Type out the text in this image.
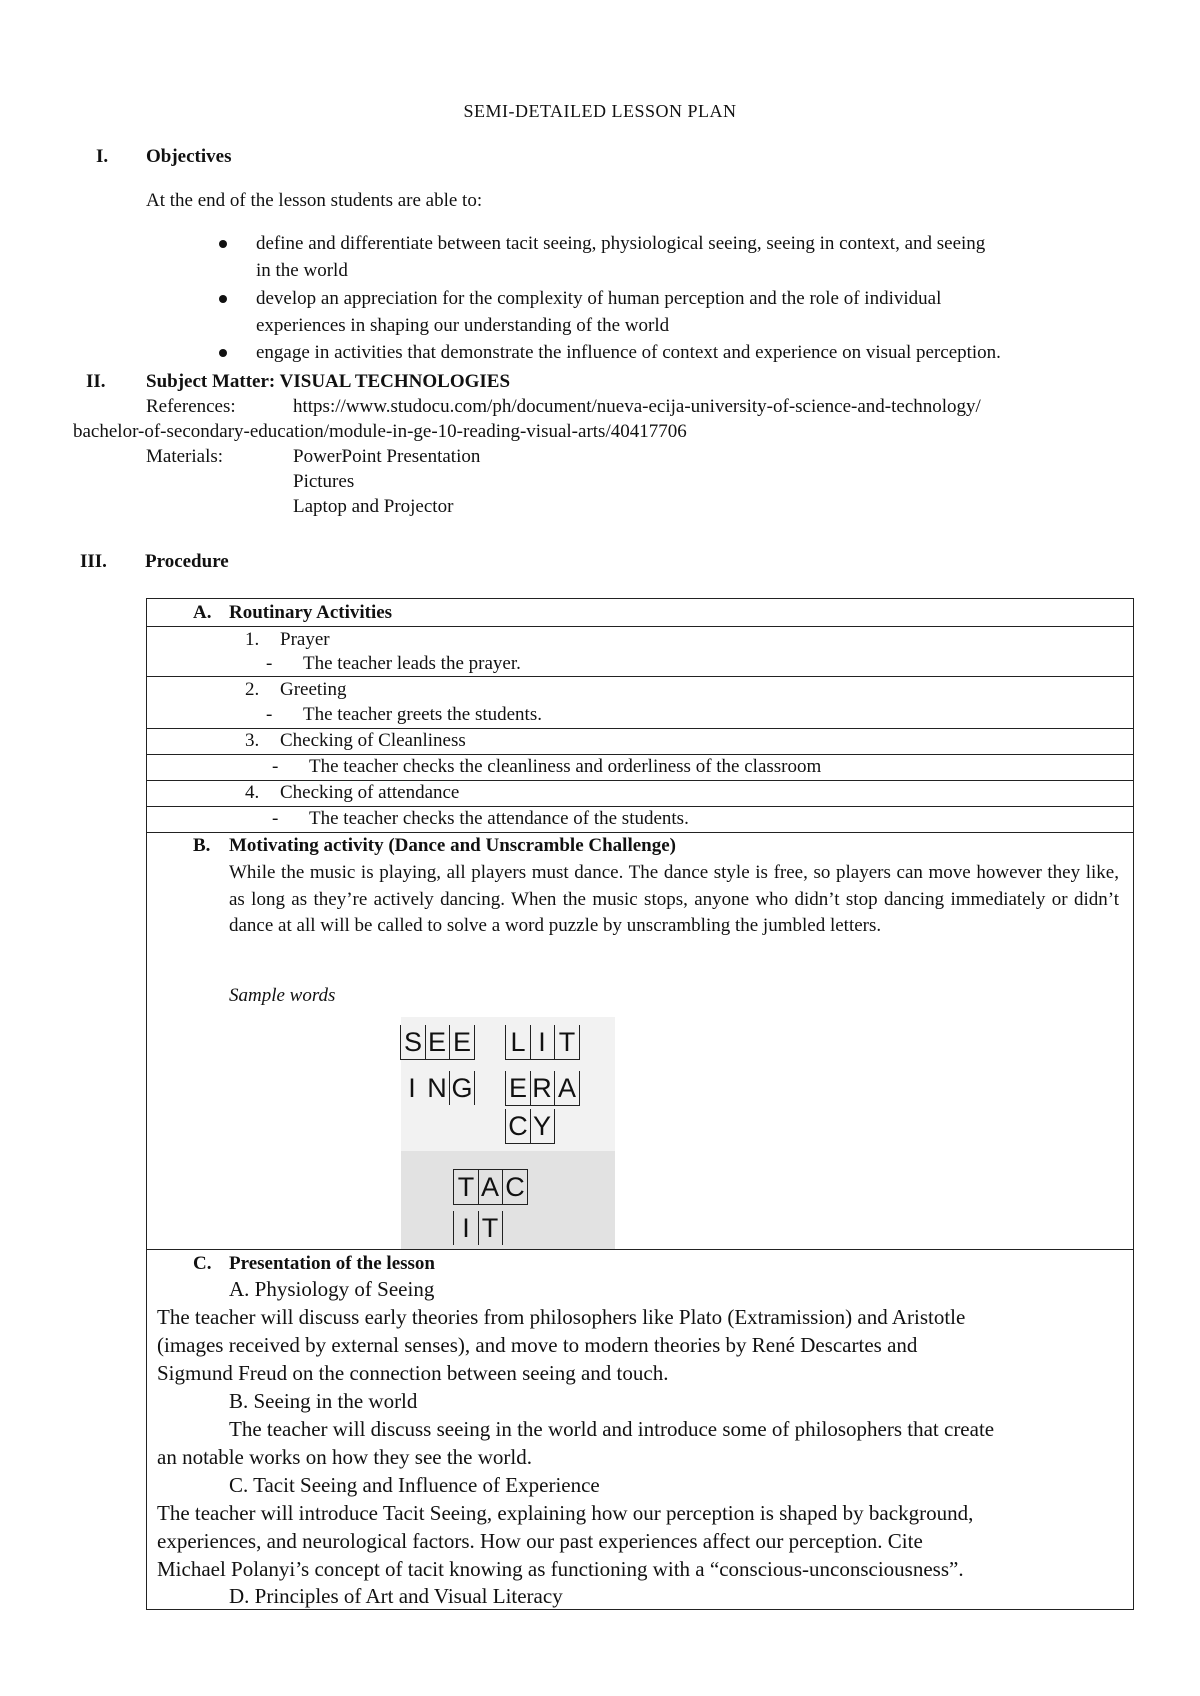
SEMI-DETAILED LESSON PLAN
I. Objectives
At the end of the lesson students are able to:
define and differentiate between tacit seeing, physiological seeing, seeing in context, and seeing
in the world
develop an appreciation for the complexity of human perception and the role of individual
experiences in shaping our understanding of the world
engage in activities that demonstrate the influence of context and experience on visual perception.
II. Subject Matter: VISUAL TECHNOLOGIES
References:	https://www.studocu.com/ph/document/nueva-ecija-university-of-science-and-technology/
bachelor-of-secondary-education/module-in-ge-10-reading-visual-arts/40417706
Materials:	PowerPoint Presentation
Pictures
Laptop and Projector
III. Procedure
A. Routinary Activities
1. Prayer
- The teacher leads the prayer.
2. Greeting
- The teacher greets the students.
3. Checking of Cleanliness
- The teacher checks the cleanliness and orderliness of the classroom
4. Checking of attendance
- The teacher checks the attendance of the students.
B. Motivating activity (Dance and Unscramble Challenge)
While the music is playing, all players must dance. The dance style is free, so players can move however they like, as long as they’re actively dancing. When the music stops, anyone who didn’t stop dancing immediately or didn’t dance at all will be called to solve a word puzzle by unscrambling the jumbled letters.
Sample words
S E E
I N G
L I T
E R A
C Y
T A C
I T
C. Presentation of the lesson
A. Physiology of Seeing
The teacher will discuss early theories from philosophers like Plato (Extramission) and Aristotle
(images received by external senses), and move to modern theories by René Descartes and
Sigmund Freud on the connection between seeing and touch.
B. Seeing in the world
The teacher will discuss seeing in the world and introduce some of philosophers that create
an notable works on how they see the world.
C. Tacit Seeing and Influence of Experience
The teacher will introduce Tacit Seeing, explaining how our perception is shaped by background,
experiences, and neurological factors. How our past experiences affect our perception. Cite
Michael Polanyi’s concept of tacit knowing as functioning with a “conscious-unconsciousness”.
D. Principles of Art and Visual Literacy
